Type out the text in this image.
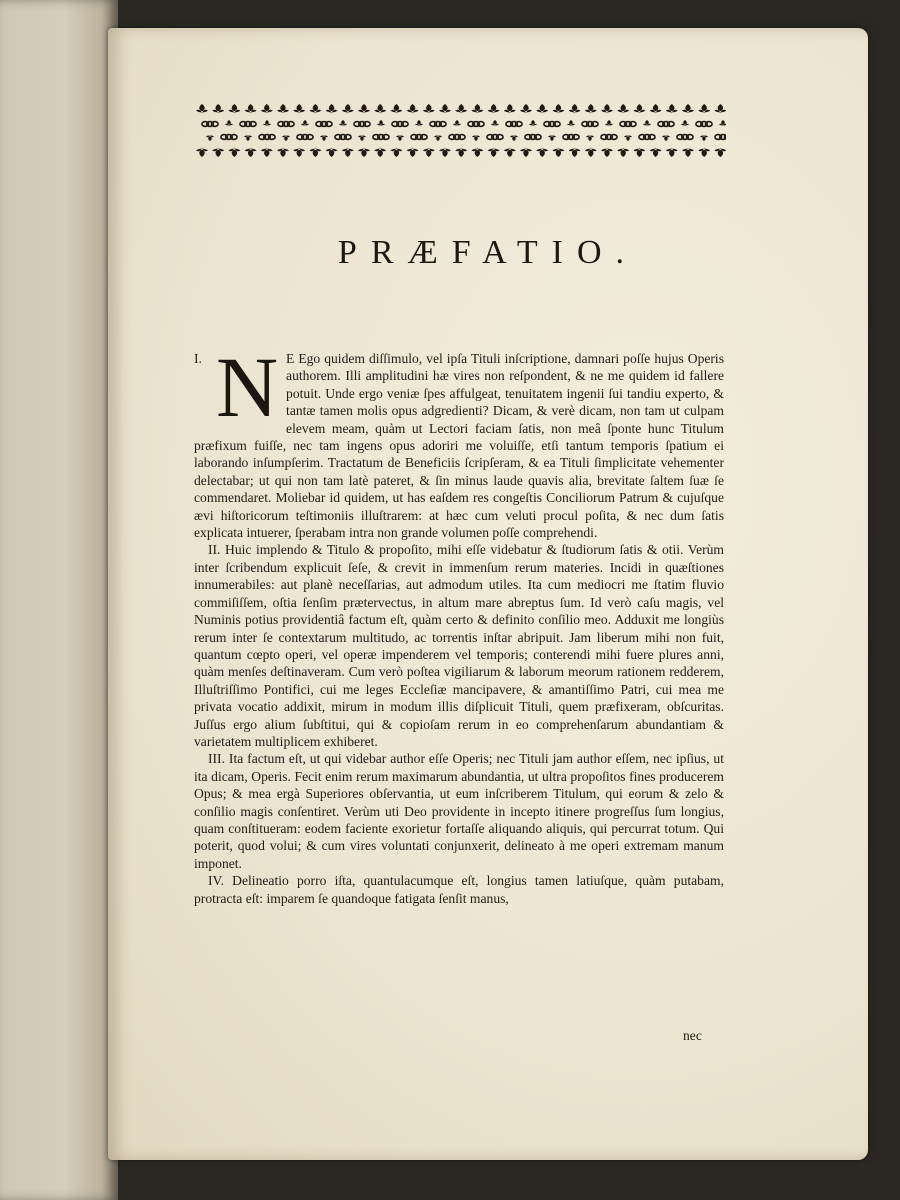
PRÆFATIO.

I. N E Ego quidem diſſimulo, vel ipſa Tituli inſcriptione, damnari poſſe hujus Operis authorem. Illi amplitudini hæ vires non reſpondent, & ne me quidem id fallere potuit. Unde ergo veniæ ſpes affulgeat, tenuitatem ingenii ſui tandiu experto, & tantæ tamen molis opus adgredienti? Dicam, & verè dicam, non tam ut culpam elevem meam, quàm ut Lectori faciam ſatis, non meâ ſponte hunc Titulum præfixum fuiſſe, nec tam ingens opus adoriri me voluiſſe, etſi tantum temporis ſpatium ei laborando inſumpſerim. Tractatum de Beneficiis ſcripſeram, & ea Tituli ſimplicitate vehementer delectabar; ut qui non tam latè pateret, & ſin minus laude quavis alia, brevitate ſaltem ſuæ ſe commendaret. Moliebar id quidem, ut has eaſdem res congeſtis Conciliorum Patrum & cujuſque ævi hiſtoricorum teſtimoniis illuſtrarem: at hæc cum veluti procul poſita, & nec dum ſatis explicata intuerer, ſperabam intra non grande volumen poſſe comprehendi.

II. Huic implendo & Titulo & propoſito, mihi eſſe videbatur & ſtudiorum ſatis & otii. Verùm inter ſcribendum explicuit ſeſe, & crevit in immenſum rerum materies. Incidi in quæſtiones innumerabiles: aut planè neceſſarias, aut admodum utiles. Ita cum mediocri me ſtatim fluvio commiſiſſem, oſtia ſenſim prætervectus, in altum mare abreptus ſum. Id verò caſu magis, vel Numinis potius providentiâ factum eſt, quàm certo & definito conſilio meo. Adduxit me longiùs rerum inter ſe contextarum multitudo, ac torrentis inſtar abripuit. Jam liberum mihi non fuit, quantum cœpto operi, vel operæ impenderem vel temporis; conterendi mihi fuere plures anni, quàm menſes deſtinaveram. Cum verò poſtea vigiliarum & laborum meorum rationem redderem, Illuſtriſſimo Pontifici, cui me leges Eccleſiæ mancipavere, & amantiſſimo Patri, cui mea me privata vocatio addixit, mirum in modum illis diſplicuit Tituli, quem præfixeram, obſcuritas. Juſſus ergo alium ſubſtitui, qui & copioſam rerum in eo comprehenſarum abundantiam & varietatem multiplicem exhiberet.

III. Ita factum eſt, ut qui videbar author eſſe Operis; nec Tituli jam author eſſem, nec ipſius, ut ita dicam, Operis. Fecit enim rerum maximarum abundantia, ut ultra propoſitos fines producerem Opus; & mea ergà Superiores obſervantia, ut eum inſcriberem Titulum, qui eorum & zelo & conſilio magis conſentiret. Verùm uti Deo providente in incepto itinere progreſſus ſum longius, quam conſtitueram: eodem faciente exorietur fortaſſe aliquando aliquis, qui percurrat totum. Qui poterit, quod volui; & cum vires voluntati conjunxerit, delineato à me operi extremam manum imponet.

IV. Delineatio porro iſta, quantulacumque eſt, longius tamen latiuſque, quàm putabam, protracta eſt: imparem ſe quandoque fatigata ſenſit manus,

nec
